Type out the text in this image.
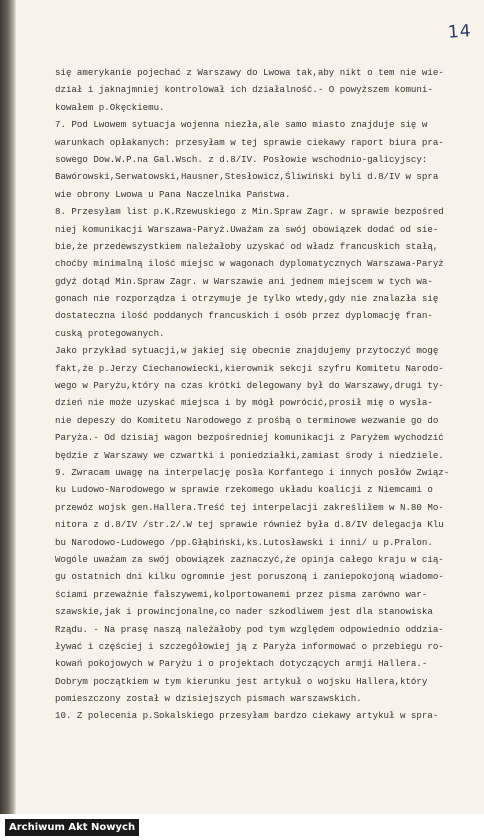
14
się amerykanie pojechać z Warszawy do Lwowa tak,aby nikt o tem nie wie-
dział i jaknajmniej kontrolował ich działalność.- O powyższem komuni-
kowałem p.Okęckiemu.
7. Pod Lwowem sytuacja wojenna niezła,ale samo miasto znajduje się w
warunkach opłakanych: przesyłam w tej sprawie ciekawy raport biura pra-
sowego Dow.W.P.na Gal.Wsch. z d.8/IV. Posłowie wschodnio-galicyjscy:
Bawórowski,Serwatowski,Hausner,Stesłowicz,Śliwiński byli d.8/IV w spra
wie obrony Lwowa u Pana Naczelnika Państwa.
8. Przesyłam list p.K.Rzewuskiego z Min.Spraw Zagr. w sprawie bezpośred
niej komunikacji Warszawa-Paryż.Uważam za swój obowiązek dodać od sie-
bie,że przedewszystkiem należałoby uzyskać od władz francuskich stałą,
choćby minimalną ilość miejsc w wagonach dyplomatycznych Warszawa-Paryż
gdyż dotąd Min.Spraw Zagr. w Warszawie ani jednem miejscem w tych wa-
gonach nie rozporządza i otrzymuje je tylko wtedy,gdy nie znalazła się
dostateczna ilość poddanych francuskich i osób przez dyplomację fran-
cuską protegowanych.
Jako przykład sytuacji,w jakiej się obecnie znajdujemy przytoczyć mogę
fakt,że p.Jerzy Ciechanowiecki,kierownik sekcji szyfru Komitetu Narodo-
wego w Paryżu,który na czas krótki delegowany był do Warszawy,drugi ty-
dzień nie może uzyskać miejsca i by mógł powrócić,prosił mię o wysła-
nie depeszy do Komitetu Narodowego z prośbą o terminowe wezwanie go do
Paryża.- Od dzisiaj wagon bezpośredniej komunikacji z Paryżem wychodzić
będzie z Warszawy we czwartki i poniedziałki,zamiast środy i niedziele.
9. Zwracam uwagę na interpelację posła Korfantego i innych posłów Związ-
ku Ludowo-Narodowego w sprawie rzekomego układu koalicji z Niemcami o
przewóz wojsk gen.Hallera.Treść tej interpelacji zakreśliłem w N.80 Mo-
nitora z d.8/IV /str.2/.W tej sprawie również była d.8/IV delegacja Klu
bu Narodowo-Ludowego /pp.Głąbiński,ks.Lutosławski i inni/ u p.Pralon.
Wogóle uważam za swój obowiązek zaznaczyć,że opinja całego kraju w cią-
gu ostatnich dni kilku ogromnie jest poruszoną i zaniepokojoną wiadomo-
ściami przeważnie fałszywemi,kolportowanemi przez pisma zarówno war-
szawskie,jak i prowincjonalne,co nader szkodliwem jest dla stanowiska
Rządu. - Na prasę naszą należałoby pod tym względem odpowiednio oddzia-
ływać i częściej i szczegółowiej ją z Paryża informować o przebiegu ro-
kowań pokojowych w Paryżu i o projektach dotyczących armji Hallera.-
Dobrym początkiem w tym kierunku jest artykuł o wojsku Hallera,który
pomieszczony został w dzisiejszych pismach warszawskich.
10. Z polecenia p.Sokalskiego przesyłam bardzo ciekawy artykuł w spra-
Archiwum Akt Nowych
